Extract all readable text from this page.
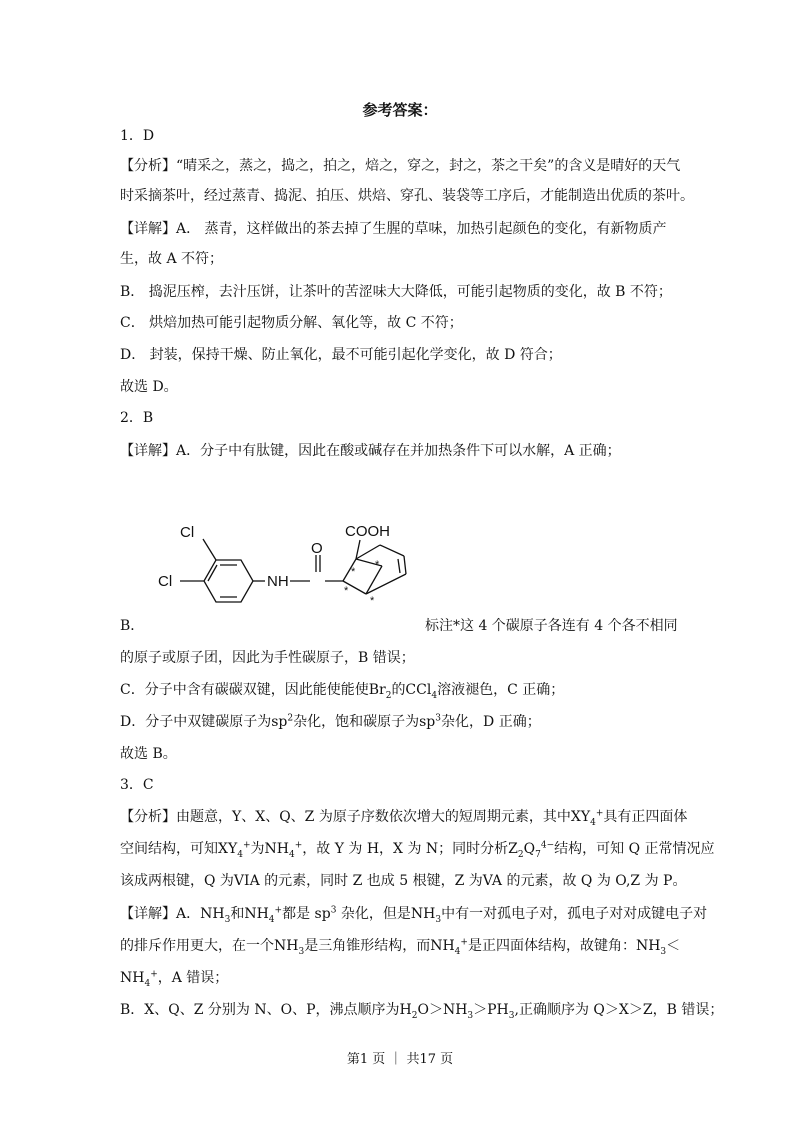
参考答案：
1．D
【分析】“晴采之，蒸之，捣之，拍之，焙之，穿之，封之，茶之干矣”的含义是晴好的天气
时采摘茶叶，经过蒸青、捣泥、拍压、烘焙、穿孔、装袋等工序后，才能制造出优质的茶叶。
【详解】A． 蒸青，这样做出的茶去掉了生腥的草味，加热引起颜色的变化，有新物质产
生，故 A 不符；
B． 捣泥压榨，去汁压饼，让茶叶的苦涩味大大降低，可能引起物质的变化，故 B 不符；
C． 烘焙加热可能引起物质分解、氧化等，故 C 不符；
D． 封装，保持干燥、防止氧化，最不可能引起化学变化，故 D 符合；
故选 D。
2．B
【详解】A．分子中有肽键，因此在酸或碱存在并加热条件下可以水解，A 正确；
Cl
Cl	NH
O
COOH
*
*
*
*
B．	标注*这 4 个碳原子各连有 4 个各不相同
的原子或原子团，因此为手性碳原子，B 错误；
C．分子中含有碳碳双键，因此能使能使$Br_2$的CCl$_4$溶液褪色，C 正确；
D．分子中双键碳原子为$sp^2$杂化，饱和碳原子为$sp^3$杂化，D 正确；
故选 B。
3．C
【分析】由题意，Y、X、Q、Z 为原子序数依次增大的短周期元素，其中$XY_4^+$具有正四面体
空间结构，可知$XY_4^+$为$NH_4^+$，故 Y 为 H，X 为 N；同时分析$Z_2Q_7^{4-}$结构，可知 Q 正常情况应
该成两根键，Q 为VIA 的元素，同时 Z 也成 5 根键，Z 为VA 的元素，故 Q 为 O,Z 为 P。
【详解】A．$NH_3$和$NH_4^+$都是 $sp^3$ 杂化，但是$NH_3$中有一对孤电子对，孤电子对对成键电子对
的排斥作用更大，在一个$NH_3$是三角锥形结构，而$NH_4^+$是正四面体结构，故键角：$NH_3<$
$NH_4^+$，A 错误；
B．X、Q、Z 分别为 N、O、P，沸点顺序为$H_2O>NH_3>PH_3$,正确顺序为 Q＞X＞Z，B 错误；
第1 页 ｜ 共17 页
